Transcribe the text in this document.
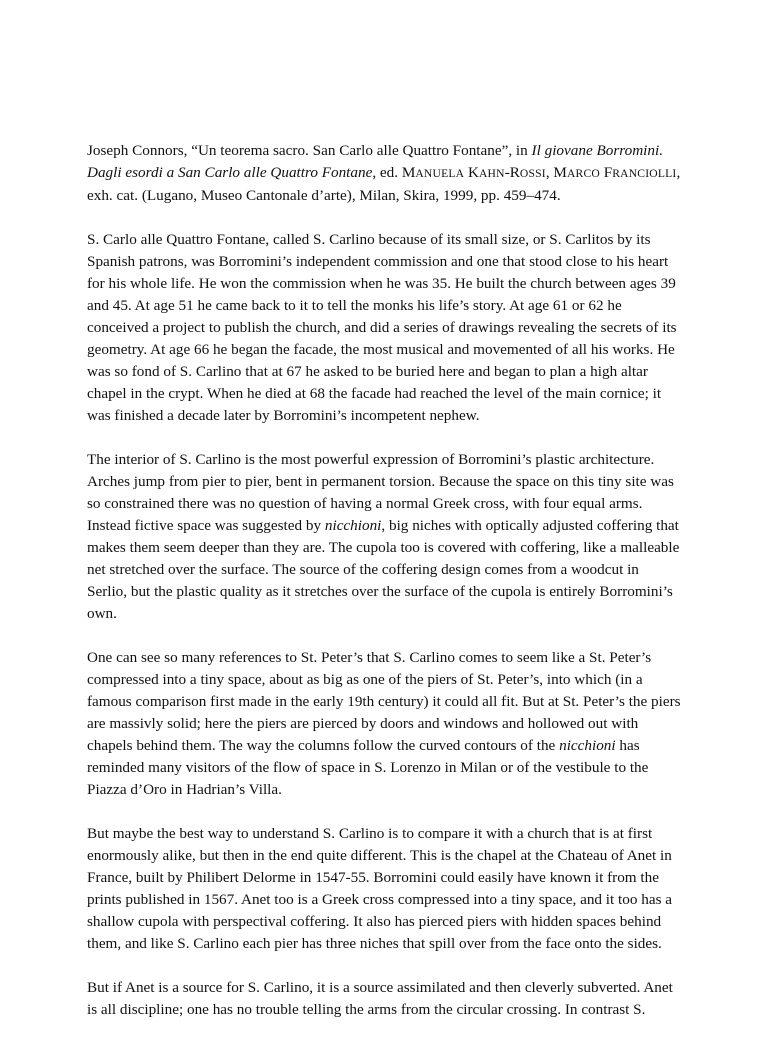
Joseph Connors, “Un teorema sacro. San Carlo alle Quattro Fontane”, in Il giovane Borromini. Dagli esordi a San Carlo alle Quattro Fontane, ed. MANUELA KAHN-ROSSI, MARCO FRANCIOLLI, exh. cat. (Lugano, Museo Cantonale d’arte), Milan, Skira, 1999, pp. 459–474.

S. Carlo alle Quattro Fontane, called S. Carlino because of its small size, or S. Carlitos by its Spanish patrons, was Borromini’s independent commission and one that stood close to his heart for his whole life. He won the commission when he was 35. He built the church between ages 39 and 45. At age 51 he came back to it to tell the monks his life’s story. At age 61 or 62 he conceived a project to publish the church, and did a series of drawings revealing the secrets of its geometry. At age 66 he began the facade, the most musical and movemented of all his works. He was so fond of S. Carlino that at 67 he asked to be buried here and began to plan a high altar chapel in the crypt. When he died at 68 the facade had reached the level of the main cornice; it was finished a decade later by Borromini’s incompetent nephew.

The interior of S. Carlino is the most powerful expression of Borromini’s plastic architecture. Arches jump from pier to pier, bent in permanent torsion. Because the space on this tiny site was so constrained there was no question of having a normal Greek cross, with four equal arms. Instead fictive space was suggested by nicchioni, big niches with optically adjusted coffering that makes them seem deeper than they are. The cupola too is covered with coffering, like a malleable net stretched over the surface. The source of the coffering design comes from a woodcut in Serlio, but the plastic quality as it stretches over the surface of the cupola is entirely Borromini’s own.

One can see so many references to St. Peter’s that S. Carlino comes to seem like a St. Peter’s compressed into a tiny space, about as big as one of the piers of St. Peter’s, into which (in a famous comparison first made in the early 19th century) it could all fit. But at St. Peter’s the piers are massivly solid; here the piers are pierced by doors and windows and hollowed out with chapels behind them. The way the columns follow the curved contours of the nicchioni has reminded many visitors of the flow of space in S. Lorenzo in Milan or of the vestibule to the Piazza d’Oro in Hadrian’s Villa.

But maybe the best way to understand S. Carlino is to compare it with a church that is at first enormously alike, but then in the end quite different. This is the chapel at the Chateau of Anet in France, built by Philibert Delorme in 1547-55. Borromini could easily have known it from the prints published in 1567. Anet too is a Greek cross compressed into a tiny space, and it too has a shallow cupola with perspectival coffering. It also has pierced piers with hidden spaces behind them, and like S. Carlino each pier has three niches that spill over from the face onto the sides.

But if Anet is a source for S. Carlino, it is a source assimilated and then cleverly subverted. Anet is all discipline; one has no trouble telling the arms from the circular crossing. In contrast S.
